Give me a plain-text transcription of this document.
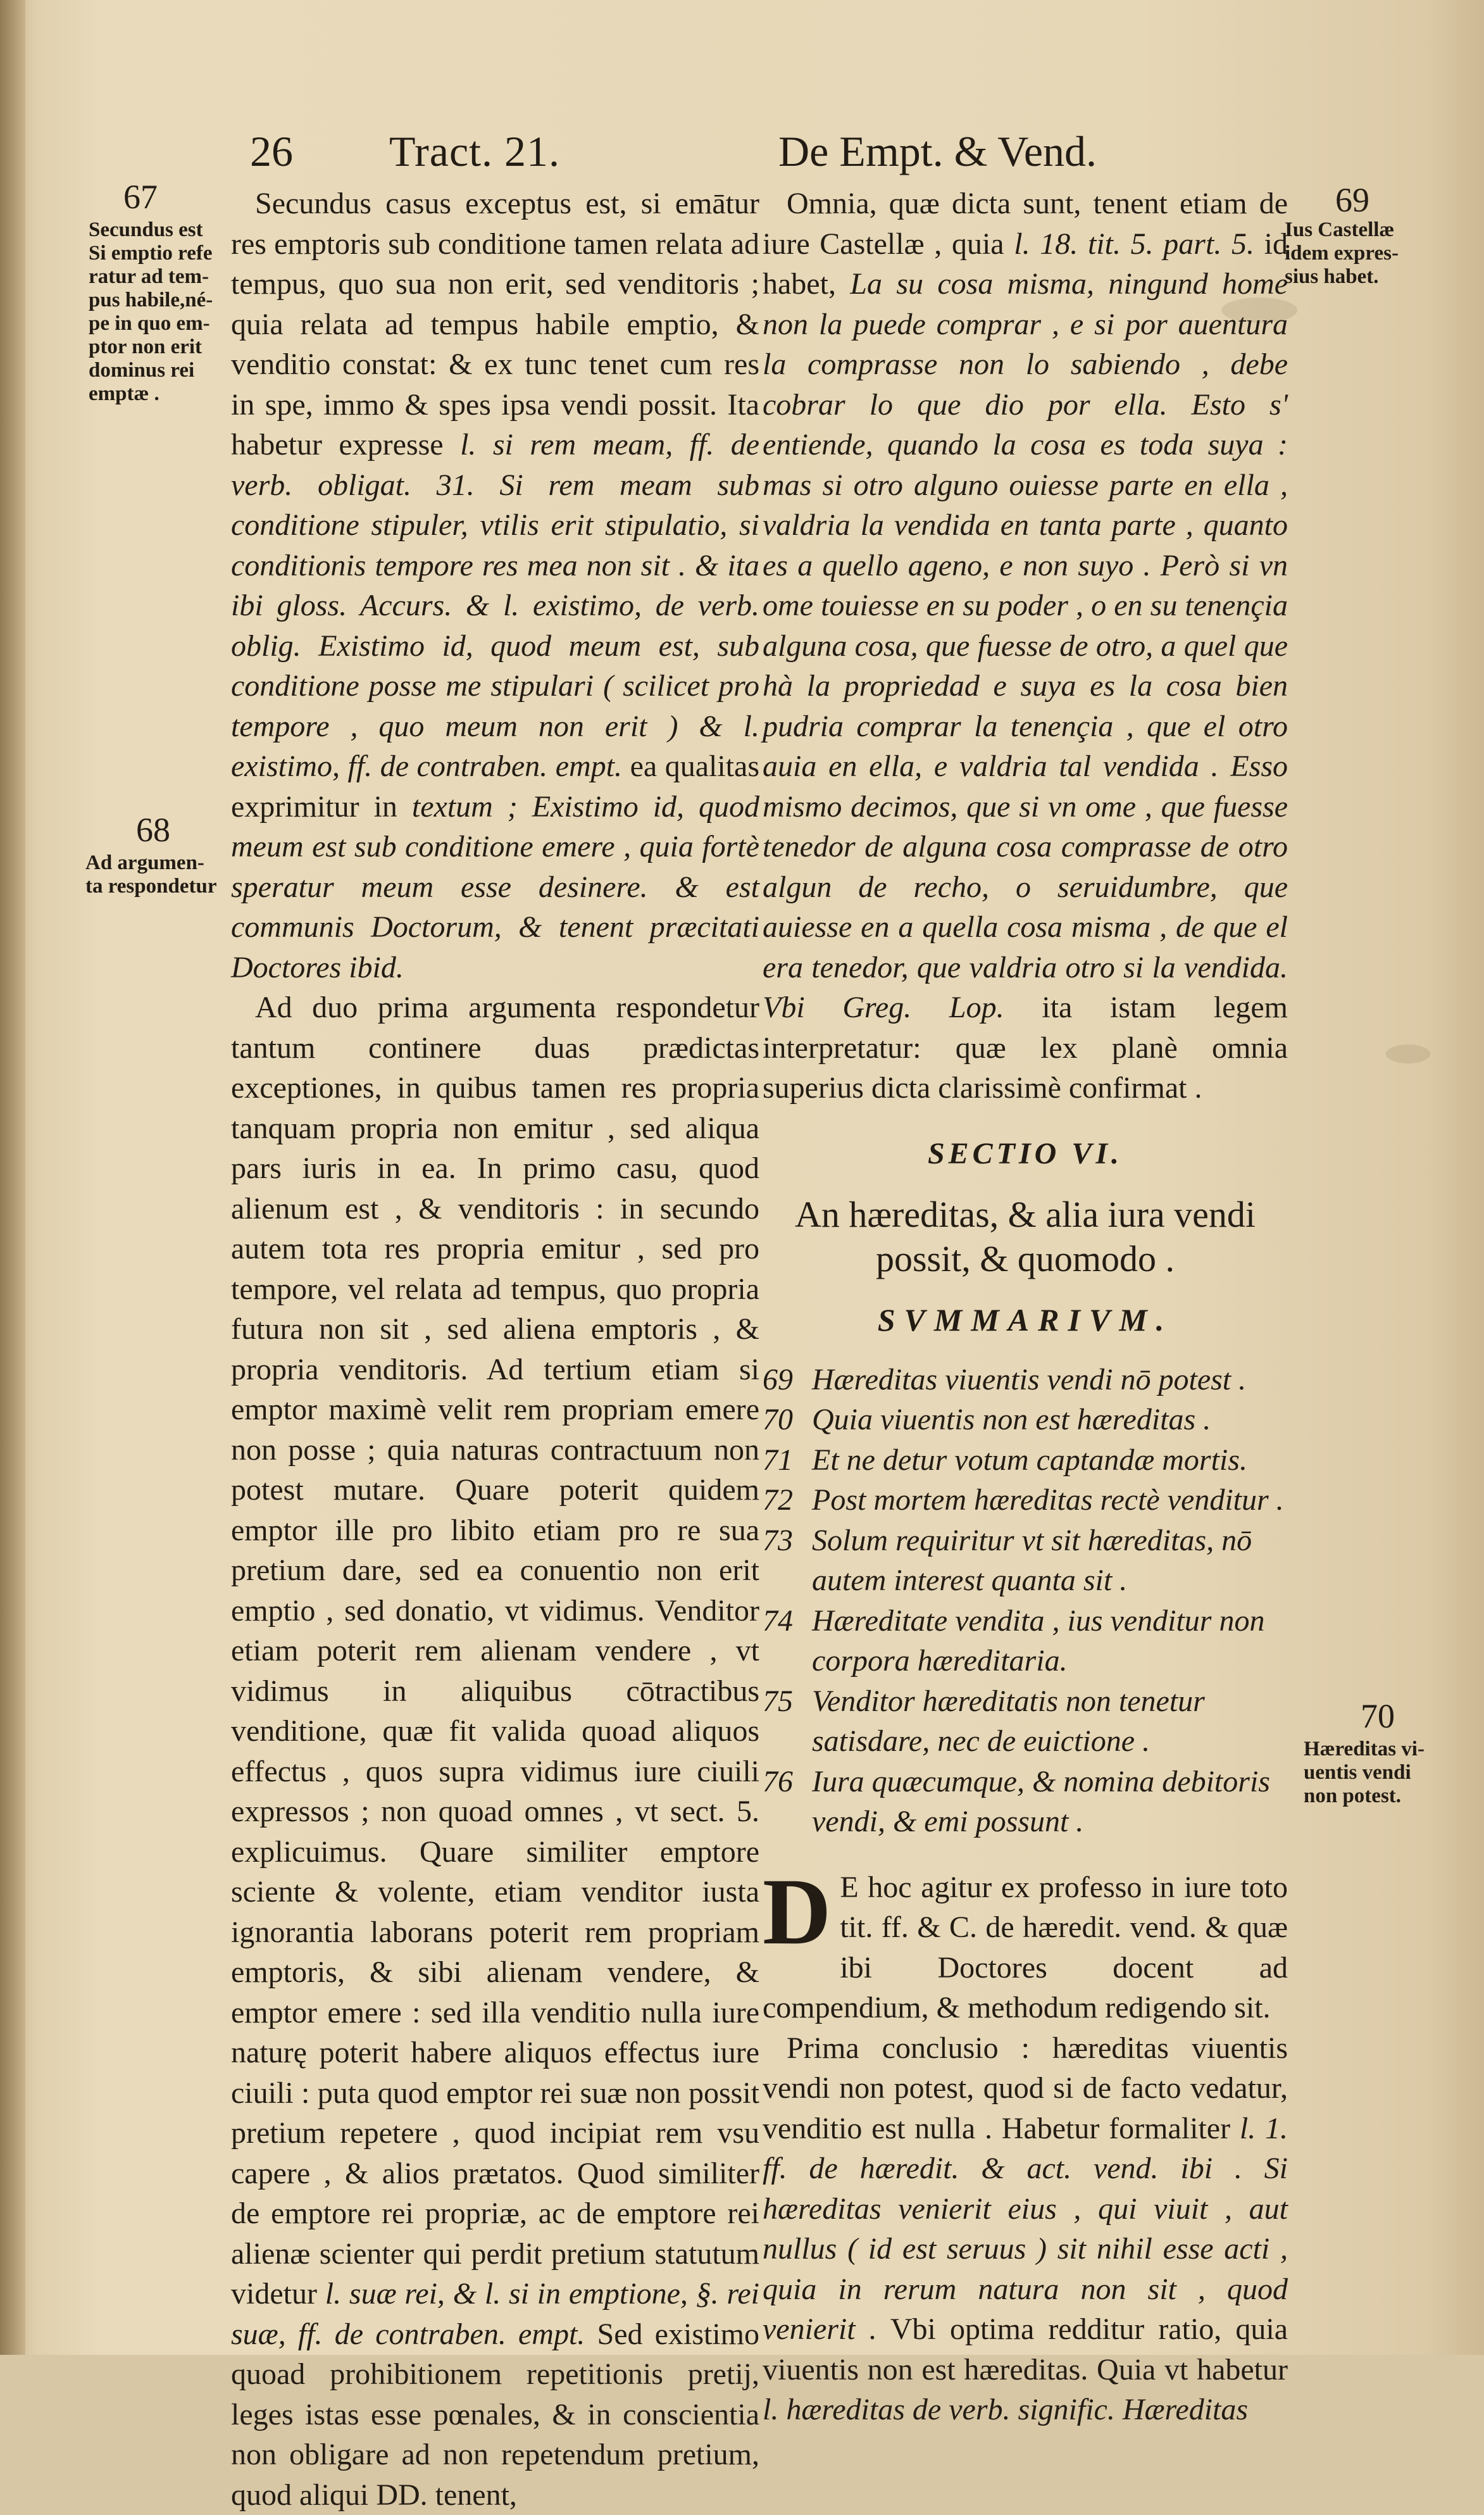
26 Tract. 21.	De Empt. & Vend.
67
Secundus est
Si emptio refe
ratur ad tem-
pus habile,né-
pe in quo em-
ptor non erit
dominus rei
emptæ .
68
Ad argumen-
ta respondetur
69
Ius Castellæ
idem expres-
sius habet.
70
Hæreditas vi-
uentis vendi
non potest.

Secundus casus exceptus est, si emātur res emptoris sub conditione tamen relata ad tempus, quo sua non erit, sed venditoris ; quia relata ad tempus habile emptio, & venditio constat: & ex tunc tenet cum res in spe, immo & spes ipsa vendi possit. Ita habetur expresse l. si rem meam, ff. de verb. obligat. 31. Si rem meam sub conditione stipuler, vtilis erit stipulatio, si conditionis tempore res mea non sit . & ita ibi gloss. Accurs. & l. existimo, de verb. oblig. Existimo id, quod meum est, sub conditione posse me stipulari ( scilicet pro tempore , quo meum non erit ) & l. existimo, ff. de contraben. empt. ea qualitas exprimitur in textum ; Existimo id, quod meum est sub conditione emere , quia fortè speratur meum esse desinere. & est communis Doctorum, & tenent præcitati Doctores ibid.

Ad duo prima argumenta respondetur tantum continere duas prædictas exceptiones, in quibus tamen res propria tanquam propria non emitur , sed aliqua pars iuris in ea. In primo casu, quod alienum est , & venditoris : in secundo autem tota res propria emitur , sed pro tempore, vel relata ad tempus, quo propria futura non sit , sed aliena emptoris , & propria venditoris. Ad tertium etiam si emptor maximè velit rem propriam emere non posse ; quia naturas contractuum non potest mutare. Quare poterit quidem emptor ille pro libito etiam pro re sua pretium dare, sed ea conuentio non erit emptio , sed donatio, vt vidimus. Venditor etiam poterit rem alienam vendere , vt vidimus in aliquibus cōtractibus venditione, quæ fit valida quoad aliquos effectus , quos supra vidimus iure ciuili expressos ; non quoad omnes , vt sect. 5. explicuimus. Quare similiter emptore sciente & volente, etiam venditor iusta ignorantia laborans poterit rem propriam emptoris, & sibi alienam vendere, & emptor emere : sed illa venditio nulla iure naturę poterit habere aliquos effectus iure ciuili : puta quod emptor rei suæ non possit pretium repetere , quod incipiat rem vsu capere , & alios prætatos. Quod similiter de emptore rei propriæ, ac de emptore rei alienæ scienter qui perdit pretium statutum videtur l. suæ rei, & l. si in emptione, §. rei suæ, ff. de contraben. empt. Sed existimo quoad prohibitionem repetitionis pretij, leges istas esse pœnales, & in conscientia non obligare ad non repetendum pretium, quod aliqui DD. tenent,

Omnia, quæ dicta sunt, tenent etiam de iure Castellæ , quia l. 18. tit. 5. part. 5. id habet, La su cosa misma, ningund home non la puede comprar , e si por auentura la comprasse non lo sabiendo , debe cobrar lo que dio por ella. Esto s' entiende, quando la cosa es toda suya : mas si otro alguno ouiesse parte en ella , valdria la vendida en tanta parte , quanto es a quello ageno, e non suyo . Però si vn ome touiesse en su poder , o en su tenençia alguna cosa, que fuesse de otro, a quel que hà la propriedad e suya es la cosa bien pudria comprar la tenençia , que el otro auia en ella, e valdria tal vendida . Esso mismo decimos, que si vn ome , que fuesse tenedor de alguna cosa comprasse de otro algun de recho, o seruidumbre, que auiesse en a quella cosa misma , de que el era tenedor, que valdria otro si la vendida. Vbi Greg. Lop. ita istam legem interpretatur: quæ lex planè omnia superius dicta clarissimè confirmat .

SECTIO VI.
An hæreditas, & alia iura vendi possit, & quomodo .
SVMMARIVM.
69 Hæreditas viuentis vendi nō potest .
70 Quia viuentis non est hæreditas .
71 Et ne detur votum captandæ mortis.
72 Post mortem hæreditas rectè venditur .
73 Solum requiritur vt sit hæreditas, nō autem interest quanta sit .
74 Hæreditate vendita , ius venditur non corpora hæreditaria.
75 Venditor hæreditatis non tenetur satisdare, nec de euictione .
76 Iura quæcumque, & nomina debitoris vendi, & emi possunt .

D E hoc agitur ex professo in iure toto tit. ff. & C. de hæredit. vend. & quæ ibi Doctores docent ad compendium, & methodum redigendo sit.

Prima conclusio : hæreditas viuentis vendi non potest, quod si de facto vedatur, venditio est nulla . Habetur formaliter l. 1. ff. de hæredit. & act. vend. ibi . Si hæreditas venierit eius , qui viuit , aut nullus ( id est seruus ) sit nihil esse acti , quia in rerum natura non sit , quod venierit . Vbi optima redditur ratio, quia viuentis non est hæreditas. Quia vt habetur l. hæreditas de verb. signific. Hæreditas
